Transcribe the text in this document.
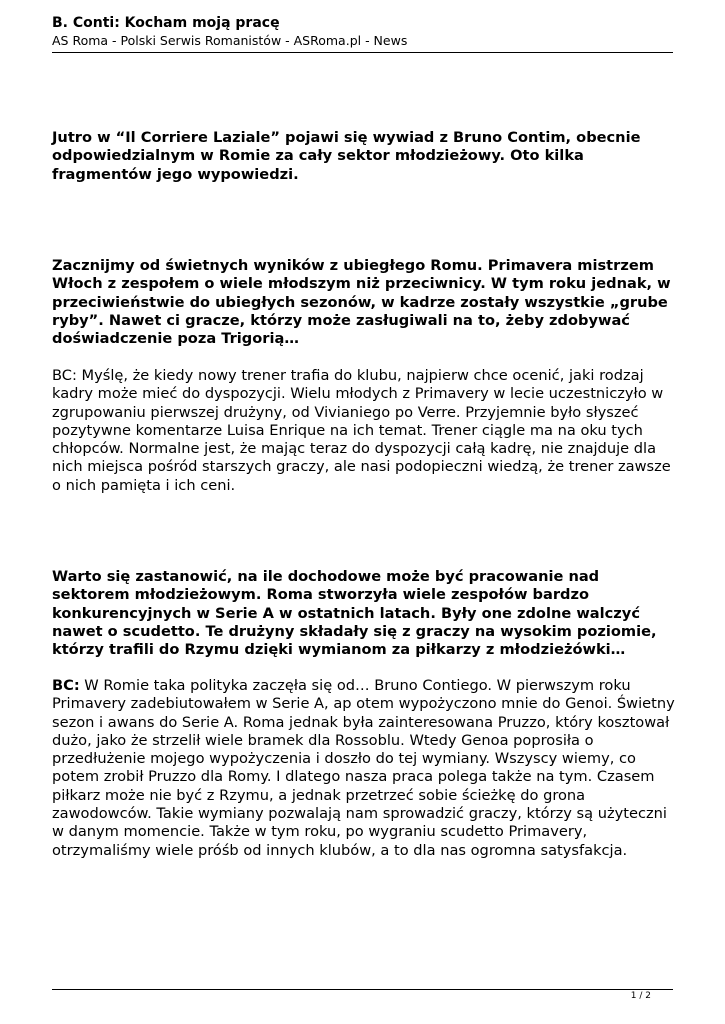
B. Conti: Kocham moją pracę

AS Roma - Polski Serwis Romanistów - ASRoma.pl - News

Jutro w “Il Corriere Laziale” pojawi się wywiad z Bruno Contim, obecnie odpowiedzialnym w Romie za cały sektor młodzieżowy. Oto kilka fragmentów jego wypowiedzi.

Zacznijmy od świetnych wyników z ubiegłego Romu. Primavera mistrzem Włoch z zespołem o wiele młodszym niż przeciwnicy. W tym roku jednak, w przeciwieństwie do ubiegłych sezonów, w kadrze zostały wszystkie „grube ryby”. Nawet ci gracze, którzy może zasługiwali na to, żeby zdobywać doświadczenie poza Trigorią…

BC: Myślę, że kiedy nowy trener trafia do klubu, najpierw chce ocenić, jaki rodzaj kadry może mieć do dyspozycji. Wielu młodych z Primavery w lecie uczestniczyło w zgrupowaniu pierwszej drużyny, od Vivianiego po Verre. Przyjemnie było słyszeć pozytywne komentarze Luisa Enrique na ich temat. Trener ciągle ma na oku tych chłopców. Normalne jest, że mając teraz do dyspozycji całą kadrę, nie znajduje dla nich miejsca pośród starszych graczy, ale nasi podopieczni wiedzą, że trener zawsze o nich pamięta i ich ceni.

Warto się zastanowić, na ile dochodowe może być pracowanie nad sektorem młodzieżowym. Roma stworzyła wiele zespołów bardzo konkurencyjnych w Serie A w ostatnich latach. Były one zdolne walczyć nawet o scudetto. Te drużyny składały się z graczy na wysokim poziomie, którzy trafili do Rzymu dzięki wymianom za piłkarzy z młodzieżówki…

BC: W Romie taka polityka zaczęła się od… Bruno Contiego. W pierwszym roku Primavery zadebiutowałem w Serie A, ap otem wypożyczono mnie do Genoi. Świetny sezon i awans do Serie A. Roma jednak była zainteresowana Pruzzo, który kosztował dużo, jako że strzelił wiele bramek dla Rossoblu. Wtedy Genoa poprosiła o przedłużenie mojego wypożyczenia i doszło do tej wymiany. Wszyscy wiemy, co potem zrobił Pruzzo dla Romy. I dlatego nasza praca polega także na tym. Czasem piłkarz może nie być z Rzymu, a jednak przetrzeć sobie ścieżkę do grona zawodowców. Takie wymiany pozwalają nam sprowadzić graczy, którzy są użyteczni w danym momencie. Także w tym roku, po wygraniu scudetto Primavery, otrzymaliśmy wiele próśb od innych klubów, a to dla nas ogromna satysfakcja.

1 / 2
